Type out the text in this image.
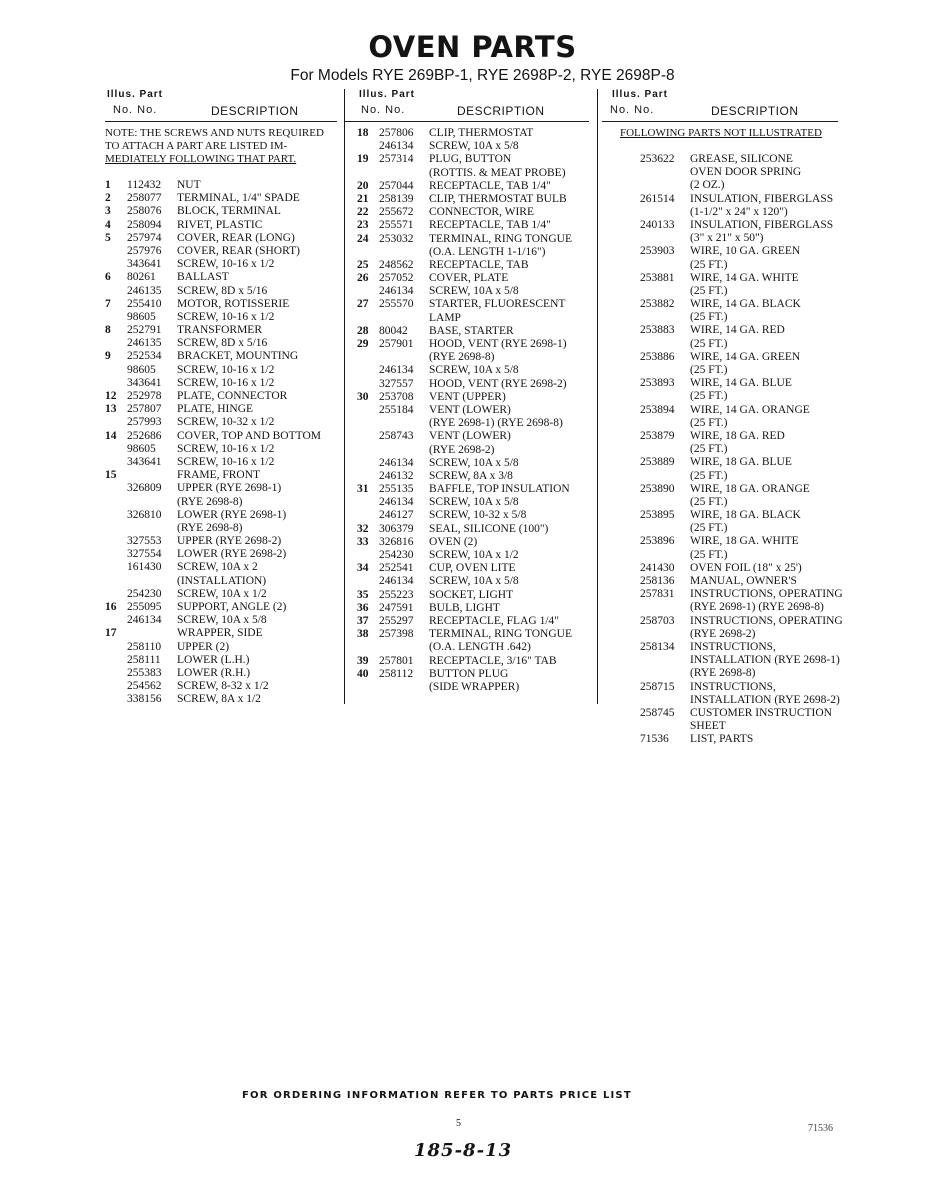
OVEN PARTS
For Models RYE 269BP-1, RYE 2698P-2, RYE 2698P-8
Illus. Part
No. No.	DESCRIPTION
NOTE: THE SCREWS AND NUTS REQUIRED
TO ATTACH A PART ARE LISTED IM-
MEDIATELY FOLLOWING THAT PART.
1 112432 NUT
2 258077 TERMINAL, 1/4" SPADE
3 258076 BLOCK, TERMINAL
4 258094 RIVET, PLASTIC
5 257974 COVER, REAR (LONG)
257976 COVER, REAR (SHORT)
343641 SCREW, 10-16 x 1/2
6 80261 BALLAST
246135 SCREW, 8D x 5/16
7 255410 MOTOR, ROTISSERIE
98605 SCREW, 10-16 x 1/2
8 252791 TRANSFORMER
246135 SCREW, 8D x 5/16
9 252534 BRACKET, MOUNTING
98605 SCREW, 10-16 x 1/2
343641 SCREW, 10-16 x 1/2
12 252978 PLATE, CONNECTOR
13 257807 PLATE, HINGE
257993 SCREW, 10-32 x 1/2
14 252686 COVER, TOP AND BOTTOM
98605 SCREW, 10-16 x 1/2
343641 SCREW, 10-16 x 1/2
15	FRAME, FRONT
326809 UPPER (RYE 2698-1)
(RYE 2698-8)
326810 LOWER (RYE 2698-1)
(RYE 2698-8)
327553 UPPER (RYE 2698-2)
327554 LOWER (RYE 2698-2)
161430 SCREW, 10A x 2
(INSTALLATION)
254230 SCREW, 10A x 1/2
16 255095 SUPPORT, ANGLE (2)
246134 SCREW, 10A x 5/8
17	WRAPPER, SIDE
258110 UPPER (2)
258111 LOWER (L.H.)
255383 LOWER (R.H.)
254562 SCREW, 8-32 x 1/2
338156 SCREW, 8A x 1/2
Illus. Part
No. No.	DESCRIPTION
18 257806 CLIP, THERMOSTAT
246134 SCREW, 10A x 5/8
19 257314 PLUG, BUTTON
(ROTTIS. & MEAT PROBE)
20 257044 RECEPTACLE, TAB 1/4"
21 258139 CLIP, THERMOSTAT BULB
22 255672 CONNECTOR, WIRE
23 255571 RECEPTACLE, TAB 1/4"
24 253032 TERMINAL, RING TONGUE
(O.A. LENGTH 1-1/16")
25 248562 RECEPTACLE, TAB
26 257052 COVER, PLATE
246134 SCREW, 10A x 5/8
27 255570 STARTER, FLUORESCENT
LAMP
28 80042 BASE, STARTER
29 257901 HOOD, VENT (RYE 2698-1)
(RYE 2698-8)
246134 SCREW, 10A x 5/8
327557 HOOD, VENT (RYE 2698-2)
30 253708 VENT (UPPER)
255184 VENT (LOWER)
(RYE 2698-1) (RYE 2698-8)
258743 VENT (LOWER)
(RYE 2698-2)
246134 SCREW, 10A x 5/8
246132 SCREW, 8A x 3/8
31 255135 BAFFLE, TOP INSULATION
246134 SCREW, 10A x 5/8
246127 SCREW, 10-32 x 5/8
32 306379 SEAL, SILICONE (100")
33 326816 OVEN (2)
254230 SCREW, 10A x 1/2
34 252541 CUP, OVEN LITE
246134 SCREW, 10A x 5/8
35 255223 SOCKET, LIGHT
36 247591 BULB, LIGHT
37 255297 RECEPTACLE, FLAG 1/4"
38 257398 TERMINAL, RING TONGUE
(O.A. LENGTH .642)
39 257801 RECEPTACLE, 3/16" TAB
40 258112 BUTTON PLUG
(SIDE WRAPPER)
Illus. Part
No. No.	DESCRIPTION
FOLLOWING PARTS NOT ILLUSTRATED
253622 GREASE, SILICONE
OVEN DOOR SPRING
(2 OZ.)
261514 INSULATION, FIBERGLASS
(1-1/2" x 24" x 120")
240133 INSULATION, FIBERGLASS
(3" x 21" x 50")
253903 WIRE, 10 GA. GREEN
(25 FT.)
253881 WIRE, 14 GA. WHITE
(25 FT.)
253882 WIRE, 14 GA. BLACK
(25 FT.)
253883 WIRE, 14 GA. RED
(25 FT.)
253886 WIRE, 14 GA. GREEN
(25 FT.)
253893 WIRE, 14 GA. BLUE
(25 FT.)
253894 WIRE, 14 GA. ORANGE
(25 FT.)
253879 WIRE, 18 GA. RED
(25 FT.)
253889 WIRE, 18 GA. BLUE
(25 FT.)
253890 WIRE, 18 GA. ORANGE
(25 FT.)
253895 WIRE, 18 GA. BLACK
(25 FT.)
253896 WIRE, 18 GA. WHITE
(25 FT.)
241430 OVEN FOIL (18" x 25')
258136 MANUAL, OWNER'S
257831 INSTRUCTIONS, OPERATING
(RYE 2698-1) (RYE 2698-8)
258703 INSTRUCTIONS, OPERATING
(RYE 2698-2)
258134 INSTRUCTIONS,
INSTALLATION (RYE 2698-1)
(RYE 2698-8)
258715 INSTRUCTIONS,
INSTALLATION (RYE 2698-2)
258745 CUSTOMER INSTRUCTION
SHEET
71536 LIST, PARTS
FOR ORDERING INFORMATION REFER TO PARTS PRICE LIST
5	71536
185-8-13
